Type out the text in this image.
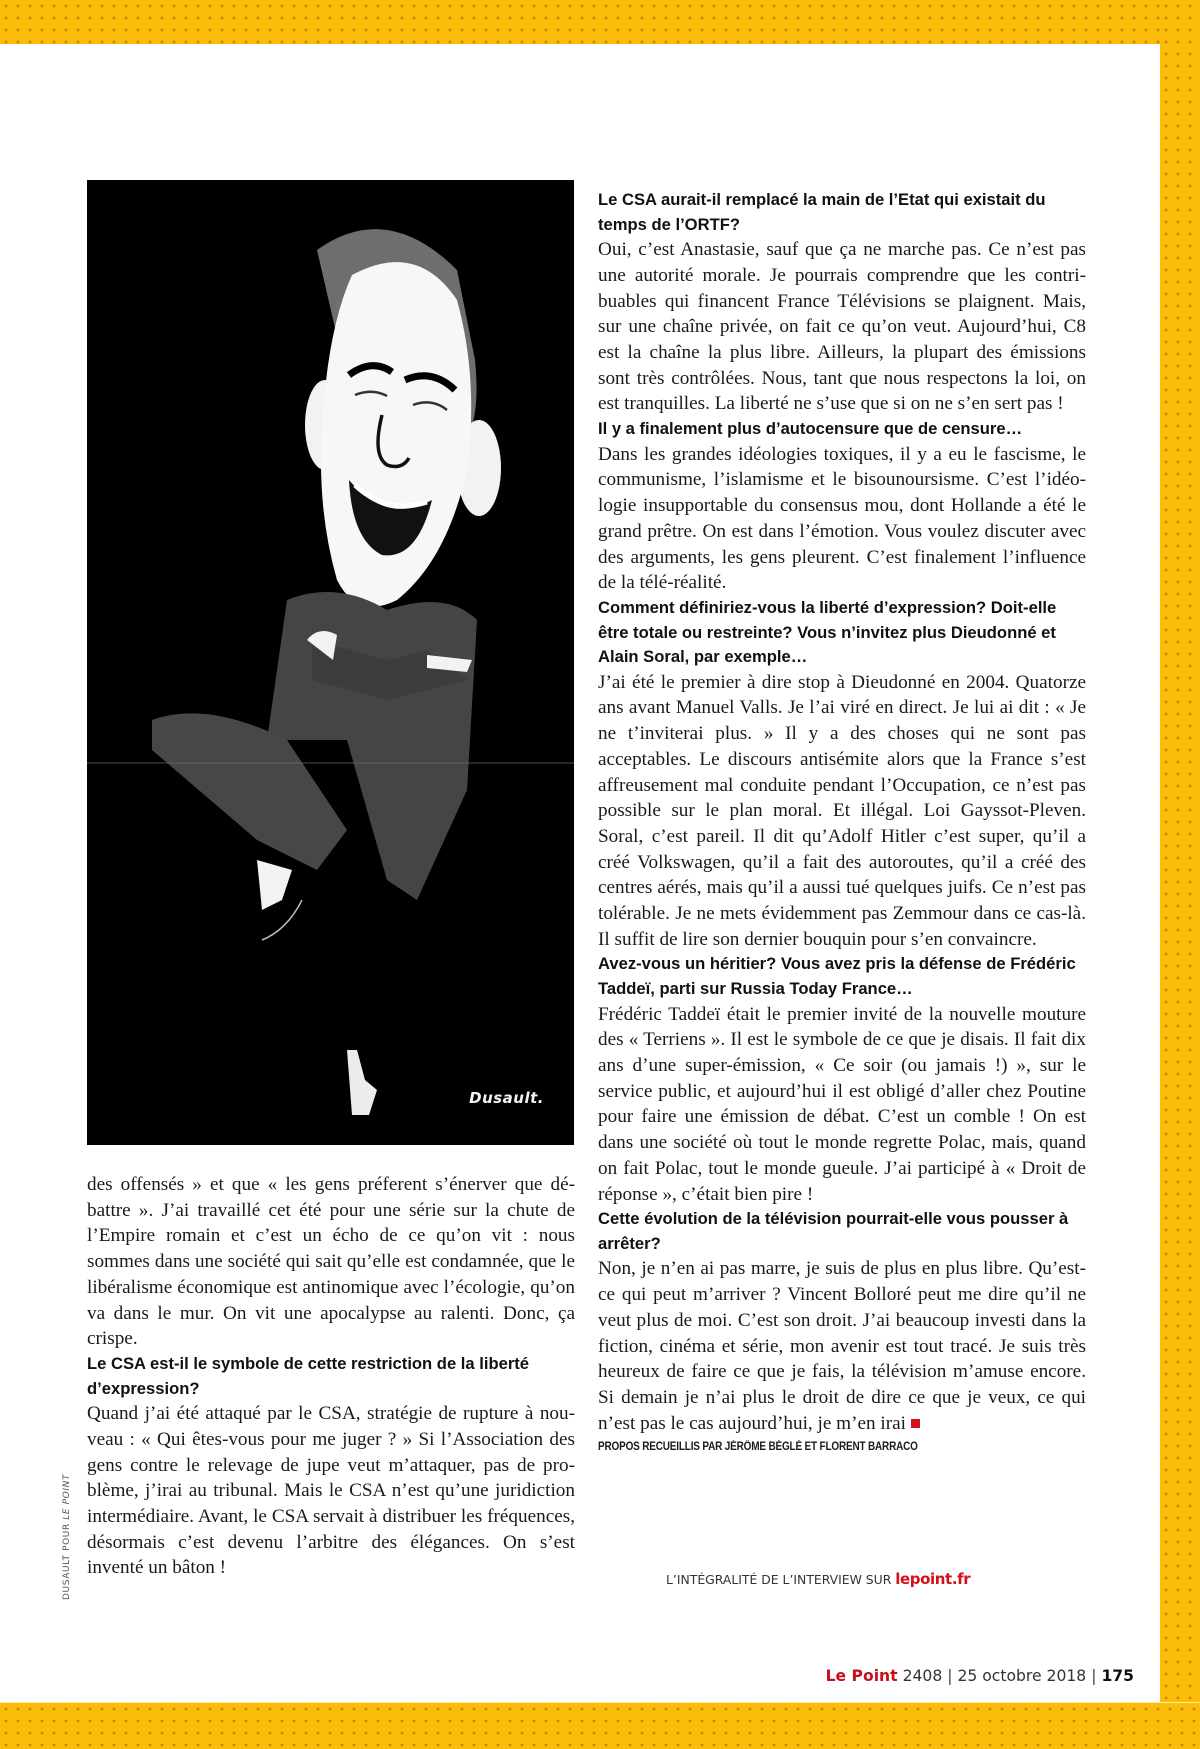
Dusault.
DUSAULT POUR LE POINT

des offensés » et que « les gens préferent s’énerver que débattre ». J’ai travaillé cet été pour une série sur la chute de l’Empire romain et c’est un écho de ce qu’on vit : nous sommes dans une société qui sait qu’elle est condamnée, que le libéralisme économique est antinomique avec l’écologie, qu’on va dans le mur. On vit une apocalypse au ralenti. Donc, ça crispe.

Le CSA est-il le symbole de cette restriction de la liberté d’expression?

Quand j’ai été attaqué par le CSA, stratégie de rupture à nouveau : « Qui êtes-vous pour me juger ? » Si l’Association des gens contre le relevage de jupe veut m’attaquer, pas de problème, j’irai au tribunal. Mais le CSA n’est qu’une juridiction intermédiaire. Avant, le CSA servait à distribuer les fréquences, désormais c’est devenu l’arbitre des élégances. On s’est inventé un bâton !

Le CSA aurait-il remplacé la main de l’Etat qui existait du temps de l’ORTF?

Oui, c’est Anastasie, sauf que ça ne marche pas. Ce n’est pas une autorité morale. Je pourrais comprendre que les contribuables qui financent France Télévisions se plaignent. Mais, sur une chaîne privée, on fait ce qu’on veut. Aujourd’hui, C8 est la chaîne la plus libre. Ailleurs, la plupart des émissions sont très contrôlées. Nous, tant que nous respectons la loi, on est tranquilles. La liberté ne s’use que si on ne s’en sert pas !

Il y a finalement plus d’autocensure que de censure…

Dans les grandes idéologies toxiques, il y a eu le fascisme, le communisme, l’islamisme et le bisounoursisme. C’est l’idéologie insupportable du consensus mou, dont Hollande a été le grand prêtre. On est dans l’émotion. Vous voulez discuter avec des arguments, les gens pleurent. C’est finalement l’influence de la télé-réalité.

Comment définiriez-vous la liberté d’expression? Doit-elle être totale ou restreinte? Vous n’invitez plus Dieudonné et Alain Soral, par exemple…

J’ai été le premier à dire stop à Dieudonné en 2004. Quatorze ans avant Manuel Valls. Je l’ai viré en direct. Je lui ai dit : « Je ne t’inviterai plus. » Il y a des choses qui ne sont pas acceptables. Le discours antisémite alors que la France s’est affreusement mal conduite pendant l’Occupation, ce n’est pas possible sur le plan moral. Et illégal. Loi Gayssot-Pleven. Soral, c’est pareil. Il dit qu’Adolf Hitler c’est super, qu’il a créé Volkswagen, qu’il a fait des autoroutes, qu’il a créé des centres aérés, mais qu’il a aussi tué quelques juifs. Ce n’est pas tolérable. Je ne mets évidemment pas Zemmour dans ce cas-là. Il suffit de lire son dernier bouquin pour s’en convaincre.

Avez-vous un héritier? Vous avez pris la défense de Frédéric Taddeï, parti sur Russia Today France…

Frédéric Taddeï était le premier invité de la nouvelle mouture des « Terriens ». Il est le symbole de ce que je disais. Il fait dix ans d’une super-émission, « Ce soir (ou jamais !) », sur le service public, et aujourd’hui il est obligé d’aller chez Poutine pour faire une émission de débat. C’est un comble ! On est dans une société où tout le monde regrette Polac, mais, quand on fait Polac, tout le monde gueule. J’ai participé à « Droit de réponse », c’était bien pire !

Cette évolution de la télévision pourrait-elle vous pousser à arrêter?

Non, je n’en ai pas marre, je suis de plus en plus libre. Qu’est-ce qui peut m’arriver ? Vincent Bolloré peut me dire qu’il ne veut plus de moi. C’est son droit. J’ai beaucoup investi dans la fiction, cinéma et série, mon avenir est tout tracé. Je suis très heureux de faire ce que je fais, la télévision m’amuse encore. Si demain je n’ai plus le droit de dire ce que je veux, ce qui n’est pas le cas aujourd’hui, je m’en irai

PROPOS RECUEILLIS PAR JÉRÔME BÉGLÉ ET FLORENT BARRACO
L’INTÉGRALITÉ DE L’INTERVIEW SUR lepoint.fr
Le Point 2408 | 25 octobre 2018 | 175
